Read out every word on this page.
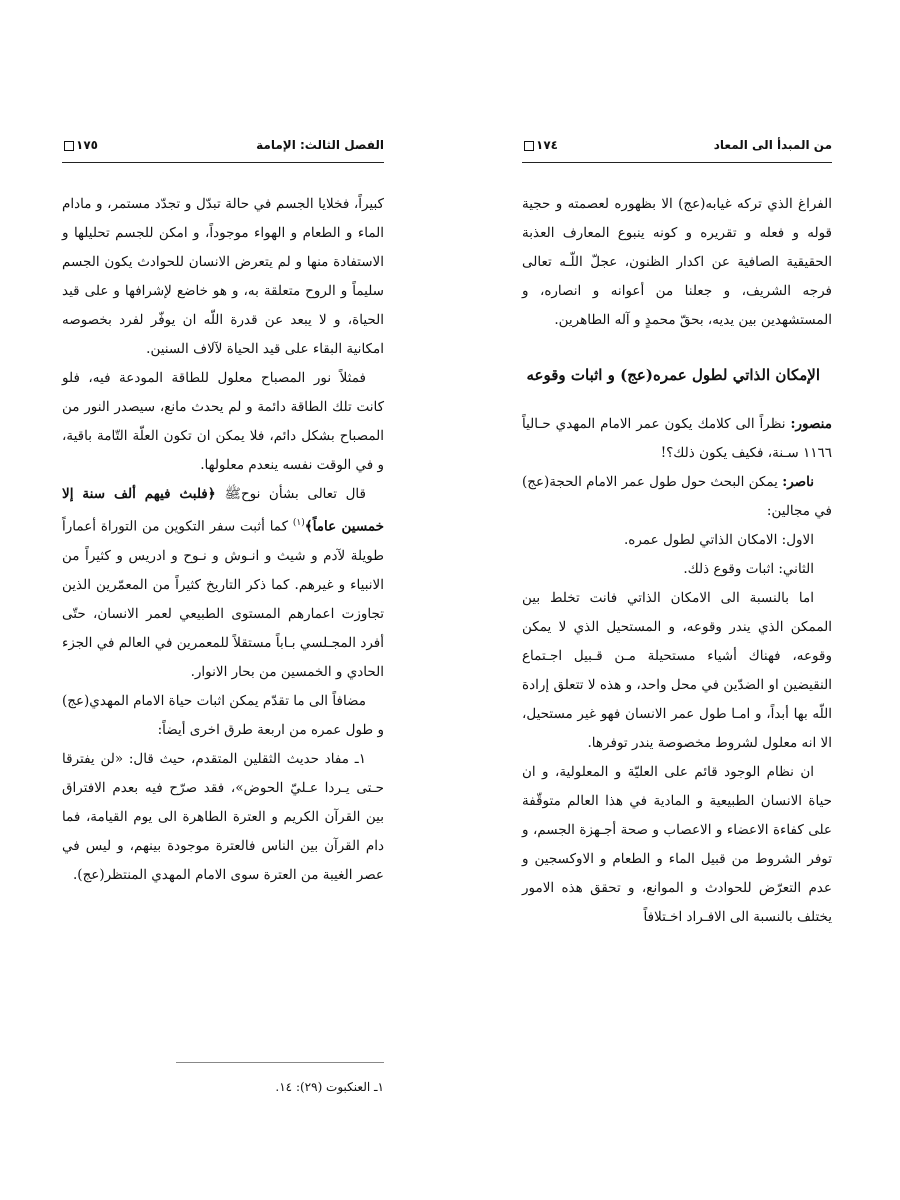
من المبدأ الى المعاد
١٧٤

الفراغ الذي تركه غيابه(عج) الا بظهوره لعصمته و حجية قوله و فعله و تقريره و كونه ينبوع المعارف العذبة الحقيقية الصافية عن اكدار الظنون، عجلّ اللّـه تعالى فرجه الشريف، و جعلنا من أعوانه و انصاره، و المستشهدين بين يديه، بحقّ محمدٍ و آله الطاهرين.

الإمكان الذاتي لطول عمره(عج) و اثبات وقوعه

منصور: نظراً الى كلامك يكون عمر الامام المهدي حـالياً ١١٦٦ سـنة، فكيف يكون ذلك؟!

ناصر: يمكن البحث حول طول عمر الامام الحجة(عج) في مجالين:

الاول: الامكان الذاتي لطول عمره.

الثاني: اثبات وقوع ذلك.

اما بالنسبة الى الامكان الذاتي فانت تخلط بين الممكن الذي يندر وقوعه، و المستحيل الذي لا يمكن وقوعه، فهناك أشياء مستحيلة مـن قـبيل اجـتماع النقيضين او الضدّين في محل واحد، و هذه لا تتعلق إرادة اللّه بها أبداً، و امـا طول عمر الانسان فهو غير مستحيل، الا انه معلول لشروط مخصوصة يندر توفرها.

ان نظام الوجود قائم على العليّة و المعلولية، و ان حياة الانسان الطبيعية و المادية في هذا العالم متوقّفة على كفاءة الاعضاء و الاعصاب و صحة أجـهزة الجسم، و توفر الشروط من قبيل الماء و الطعام و الاوكسجين و عدم التعرّض للحوادث و الموانع، و تحقق هذه الامور يختلف بالنسبة الى الافـراد اخـتلافاً

الفصل الثالث: الإمامة
١٧٥

كبيراً، فخلايا الجسم في حالة تبدّل و تجدّد مستمر، و مادام الماء و الطعام و الهواء موجوداً، و امكن للجسم تحليلها و الاستفادة منها و لم يتعرض الانسان للحوادث يكون الجسم سليماً و الروح متعلقة به، و هو خاضع لإشرافها و على قيد الحياة، و لا يبعد عن قدرة اللّه ان يوفّر لفرد بخصوصه امكانية البقاء على قيد الحياة لآلاف السنين.

فمثلاً نور المصباح معلول للطاقة المودعة فيه، فلو كانت تلك الطاقة دائمة و لم يحدث مانع، سيصدر النور من المصباح بشكل دائم، فلا يمكن ان تكون العلّة التّامة باقية، و في الوقت نفسه ينعدم معلولها.

قال تعالى بشأن نوحﷺ ﴿فلبث فيهم ألف سنة إلا خمسين عاماً﴾$^{(١)}$ كما أثبت سفر التكوين من التوراة أعماراً طويلة لآدم و شيث و انـوش و نـوح و ادريس و كثيراً من الانبياء و غيرهم. كما ذكر التاريخ كثيراً من المعمّرين الذين تجاوزت اعمارهم المستوى الطبيعي لعمر الانسان، حتّى أفرد المجـلسي بـاباً مستقلاً للمعمرين في العالم في الجزء الحادي و الخمسين من بحار الانوار.

مضافاً الى ما تقدّم يمكن اثبات حياة الامام المهدي(عج) و طول عمره من اربعة طرق اخرى أيضاً:

١ـ مفاد حديث الثقلين المتقدم، حيث قال: «لن يفترقا حـتى يـردا عـليّ الحوض»، فقد صرّح فيه بعدم الافتراق بين القرآن الكريم و العترة الطاهرة الى يوم القيامة، فما دام القرآن بين الناس فالعترة موجودة بينهم، و ليس في عصر الغيبة من العترة سوى الامام المهدي المنتظر(عج).

١ـ العنكبوت (٢٩): ١٤.
